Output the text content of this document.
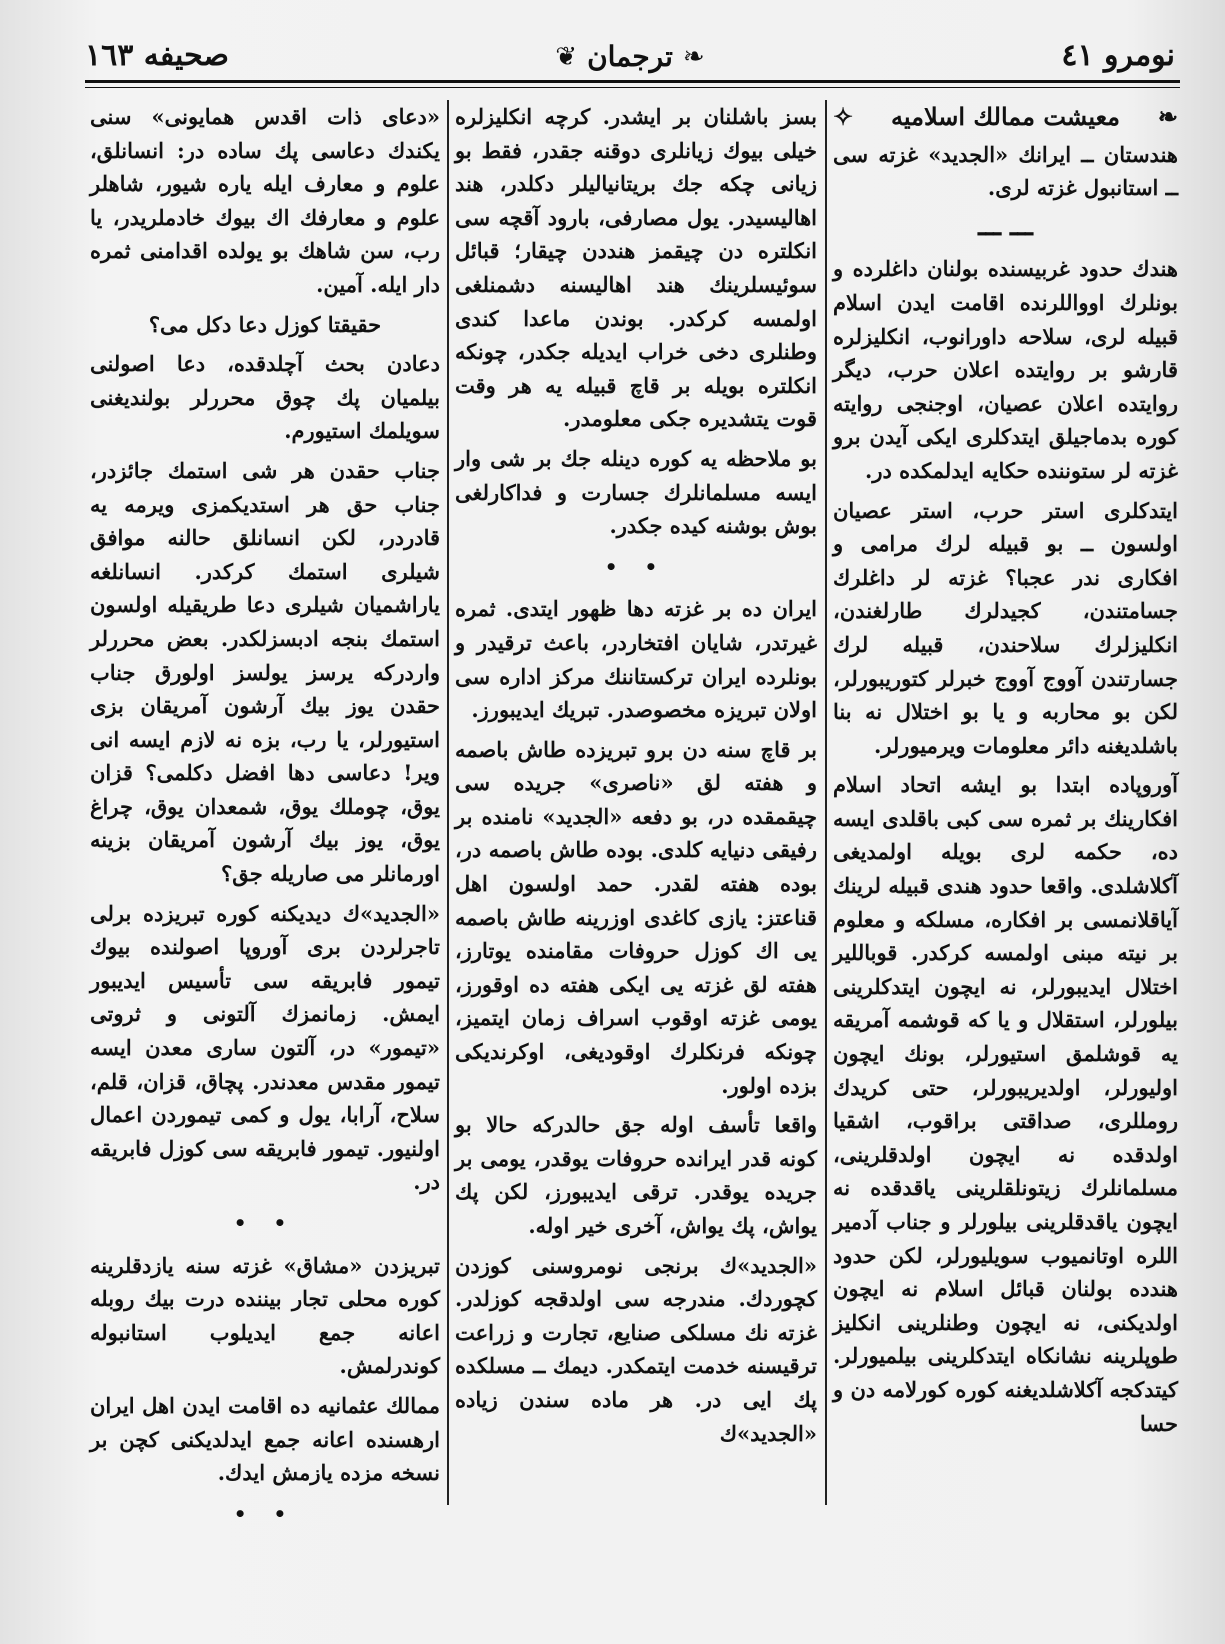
نومرو ٤١
❦ ترجمان ❧
صحیفه ١٦٣
❧
معیشت ممالك اسلامیه
✧

هندستان ــ ایرانك «الجدید» غزته سی ــ استانبول غزته لری.

ـــ ـــ

هندك حدود غربیسنده بولنان داغلرده و بونلرك اوواللرنده اقامت ایدن اسلام قبیله لری، سلاحه داورانوب، انکلیزلره قارشو بر روایتده اعلان حرب، دیگر روایتده اعلان عصیان، اوجنجی روایته کوره بدماجیلق ایتدکلری ایکی آیدن برو غزته لر ستوننده حکایه ایدلمکده در.

ایتدکلری استر حرب، استر عصیان اولسون ــ بو قبیله لرك مرامی و افکاری ندر عجبا؟ غزته لر داغلرك جسامتندن، کجیدلرك طارلغندن، انکلیزلرك سلاحندن، قبیله لرك جسارتندن آووج آووج خبرلر کتوریبورلر، لکن بو محاربه و یا بو اختلال نه بنا باشلدیغنه دائر معلومات ویرمیورلر.

آوروپاده ابتدا بو ایشه اتحاد اسلام افکارینك بر ثمره سی کبی باقلدی ایسه ده، حکمه لری بویله اولمدیغی آکلاشلدی. واقعا حدود هندی قبیله لرینك آیاقلانمسی بر افکاره، مسلکه و معلوم بر نیته مبنی اولمسه کرکدر. قوباللیر اختلال ایدیبورلر، نه ایچون ایتدکلرینی بیلورلر، استقلال و یا که قوشمه آمریقه یه قوشلمق استیورلر، بونك ایچون اولیورلر، اولدیریبورلر، حتی کریدك رومللری، صداقتی براقوب، اشقیا اولدقده نه ایچون اولدقلرینی، مسلمانلرك زیتونلقلرینی یاقدقده نه ایچون یاقدقلرینی بیلورلر و جناب آدمیر اللره اوتانمیوب سویلیورلر، لکن حدود هندده بولنان قبائل اسلام نه ایچون اولدیکنی، نه ایچون وطنلرینی انکلیز طوپلرینه نشانکاه ایتدکلرینی بیلمیورلر. کیتدکجه آکلاشلدیغنه کوره کورلامه دن و حسا

بسز باشلنان بر ایشدر. کرچه انکلیزلره خیلی بیوك زیانلری دوقنه جقدر، فقط بو زیانی چکه جك بریتانیالیلر دکلدر، هند اهالیسیدر. یول مصارفی، بارود آقچه سی انکلتره دن چیقمز هنددن چیقار؛ قبائل سوئیسلرینك هند اهالیسنه دشمنلغی اولمسه کرکدر. بوندن ماعدا کندی وطنلری دخی خراب ایدیله جکدر، چونکه انکلتره بویله بر قاچ قبیله یه هر وقت قوت یتشدیره جکی معلومدر.

بو ملاحظه یه کوره دینله جك بر شی وار ایسه مسلمانلرك جسارت و فداکارلغی بوش بوشنه کیده جکدر.

• •

ایران ده بر غزته دها ظهور ایتدی. ثمره غیرتدر، شایان افتخاردر، باعث ترقیدر و بونلرده ایران ترکستاننك مرکز اداره سی اولان تبریزه مخصوصدر. تبریك ایدیبورز.

بر قاچ سنه دن برو تبریزده طاش باصمه و هفته لق «ناصری» جریده سی چیقمقده در، بو دفعه «الجدید» نامنده بر رفیقی دنیایه کلدی. بوده طاش باصمه در، بوده هفته لقدر. حمد اولسون اهل قناعتز: یازی کاغدی اوزرینه طاش باصمه یی اك کوزل حروفات مقامنده یوتارز، هفته لق غزته یی ایکی هفته ده اوقورز، یومی غزته اوقوب اسراف زمان ایتمیز، چونکه فرنکلرك اوقودیغی، اوکرندیکی بزده اولور.

واقعا تأسف اوله جق حالدرکه حالا بو کونه قدر ایرانده حروفات یوقدر، یومی بر جریده یوقدر. ترقی ایدیبورز، لکن پك یواش، پك یواش، آخری خیر اوله.

«الجدید»ك برنجی نومروسنی کوزدن کچوردك. مندرجه سی اولدقجه کوزلدر. غزته نك مسلکی صنایع، تجارت و زراعت ترقیسنه خدمت ایتمکدر. دیمك ــ مسلکده پك ایی در. هر ماده سندن زیاده «الجدید»ك

«دعای ذات اقدس همایونی» سنی یکندك دعاسی پك ساده در: انسانلق، علوم و معارف ایله یاره شیور، شاهلر علوم و معارفك اك بیوك خادملریدر، یا رب، سن شاهك بو یولده اقدامنی ثمره دار ایله. آمین.

حقیقتا کوزل دعا دکل می؟

دعادن بحث آچلدقده، دعا اصولنی بیلمیان پك چوق محررلر بولندیغنی سویلمك استیورم.

جناب حقدن هر شی استمك جائزدر، جناب حق هر استدیکمزی ویرمه یه قادردر، لکن انسانلق حالنه موافق شیلری استمك کرکدر. انسانلغه یاراشمیان شیلری دعا طریقیله اولسون استمك بنجه ادبسزلکدر. بعض محررلر واردرکه یرسز یولسز اولورق جناب حقدن یوز بیك آرشون آمریقان بزی استیورلر، یا رب، بزه نه لازم ایسه انی ویر! دعاسی دها افضل دکلمی؟ قزان یوق، چوملك یوق، شمعدان یوق، چراغ یوق، یوز بیك آرشون آمریقان بزینه اورمانلر می صاریله جق؟

«الجدید»ك دیدیکنه کوره تبریزده برلی تاجرلردن بری آوروپا اصولنده بیوك تیمور فابریقه سی تأسیس ایدیبور ایمش. زمانمزك آلتونی و ثروتی «تیمور» در، آلتون ساری معدن ایسه تیمور مقدس معدندر. پچاق، قزان، قلم، سلاح، آرابا، یول و کمی تیموردن اعمال اولنیور. تیمور فابریقه سی کوزل فابریقه در.

• •

تبریزدن «مشاق» غزته سنه یازدقلرینه کوره محلی تجار بیننده درت بیك روبله اعانه جمع ایدیلوب استانبوله کوندرلمش.

ممالك عثمانیه ده اقامت ایدن اهل ایران ارهسنده اعانه جمع ایدلدیکنی کچن بر نسخه مزده یازمش ایدك.

• •
